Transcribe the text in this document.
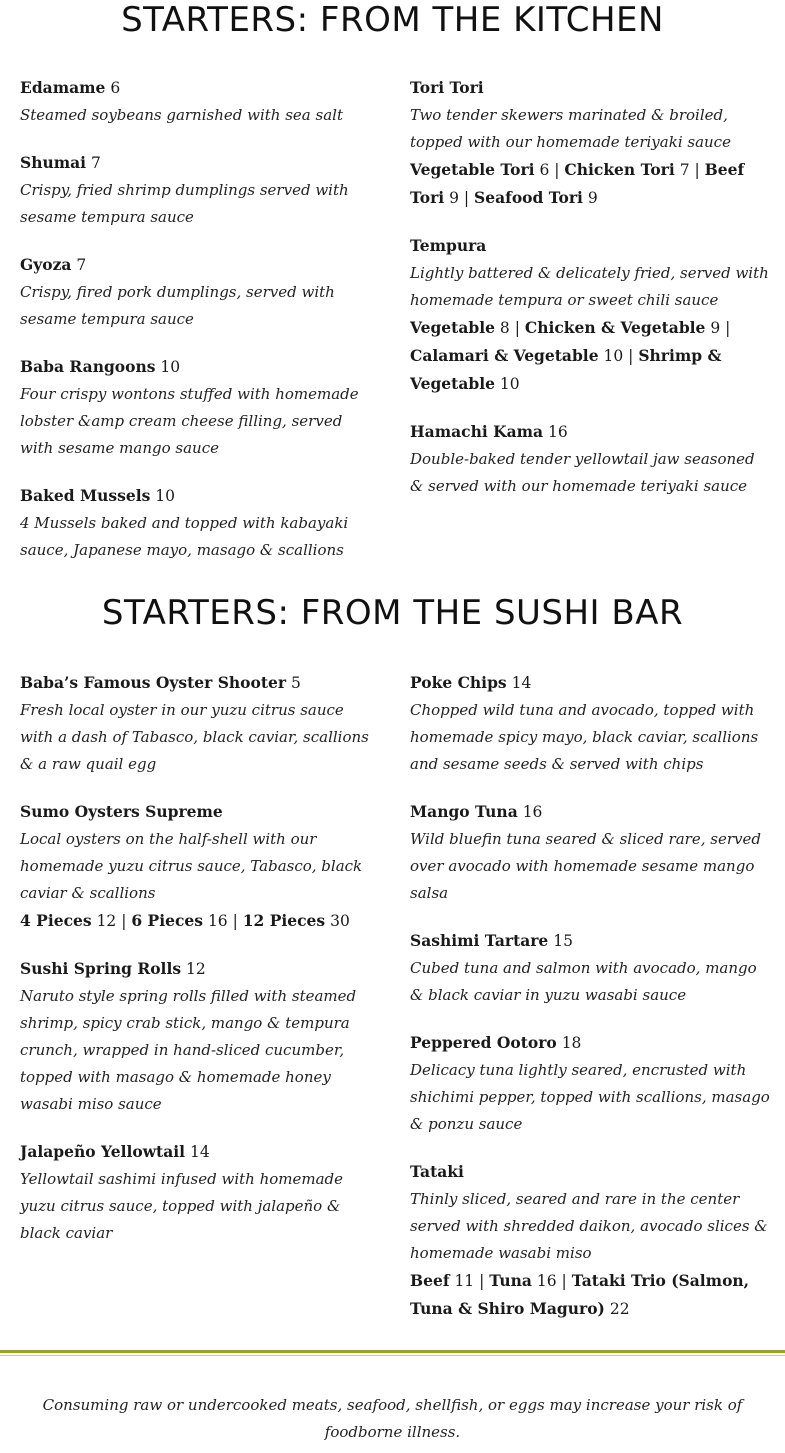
STARTERS: FROM THE KITCHEN
Edamame 6
Steamed soybeans garnished with sea salt
Shumai 7
Crispy, fried shrimp dumplings served with sesame tempura sauce
Gyoza 7
Crispy, fired pork dumplings, served with sesame tempura sauce
Baba Rangoons 10
Four crispy wontons stuffed with homemade lobster &amp cream cheese filling, served with sesame mango sauce
Baked Mussels 10
4 Mussels baked and topped with kabayaki sauce, Japanese mayo, masago & scallions
Tori Tori
Two tender skewers marinated & broiled, topped with our homemade teriyaki sauce
Vegetable Tori 6 | Chicken Tori 7 | Beef Tori 9 | Seafood Tori 9
Tempura
Lightly battered & delicately fried, served with homemade tempura or sweet chili sauce
Vegetable 8 | Chicken & Vegetable 9 | Calamari & Vegetable 10 | Shrimp & Vegetable 10
Hamachi Kama 16
Double-baked tender yellowtail jaw seasoned & served with our homemade teriyaki sauce
STARTERS: FROM THE SUSHI BAR
Baba’s Famous Oyster Shooter 5
Fresh local oyster in our yuzu citrus sauce with a dash of Tabasco, black caviar, scallions & a raw quail egg
Sumo Oysters Supreme
Local oysters on the half-shell with our homemade yuzu citrus sauce, Tabasco, black caviar & scallions
4 Pieces 12 | 6 Pieces 16 | 12 Pieces 30
Sushi Spring Rolls 12
Naruto style spring rolls filled with steamed shrimp, spicy crab stick, mango & tempura crunch, wrapped in hand-sliced cucumber, topped with masago & homemade honey wasabi miso sauce
Jalapeño Yellowtail 14
Yellowtail sashimi infused with homemade yuzu citrus sauce, topped with jalapeño & black caviar
Poke Chips 14
Chopped wild tuna and avocado, topped with homemade spicy mayo, black caviar, scallions and sesame seeds & served with chips
Mango Tuna 16
Wild bluefin tuna seared & sliced rare, served over avocado with homemade sesame mango salsa
Sashimi Tartare 15
Cubed tuna and salmon with avocado, mango & black caviar in yuzu wasabi sauce
Peppered Ootoro 18
Delicacy tuna lightly seared, encrusted with shichimi pepper, topped with scallions, masago & ponzu sauce
Tataki
Thinly sliced, seared and rare in the center served with shredded daikon, avocado slices & homemade wasabi miso
Beef 11 | Tuna 16 | Tataki Trio (Salmon, Tuna & Shiro Maguro) 22
Consuming raw or undercooked meats, seafood, shellfish, or eggs may increase your risk of foodborne illness.
